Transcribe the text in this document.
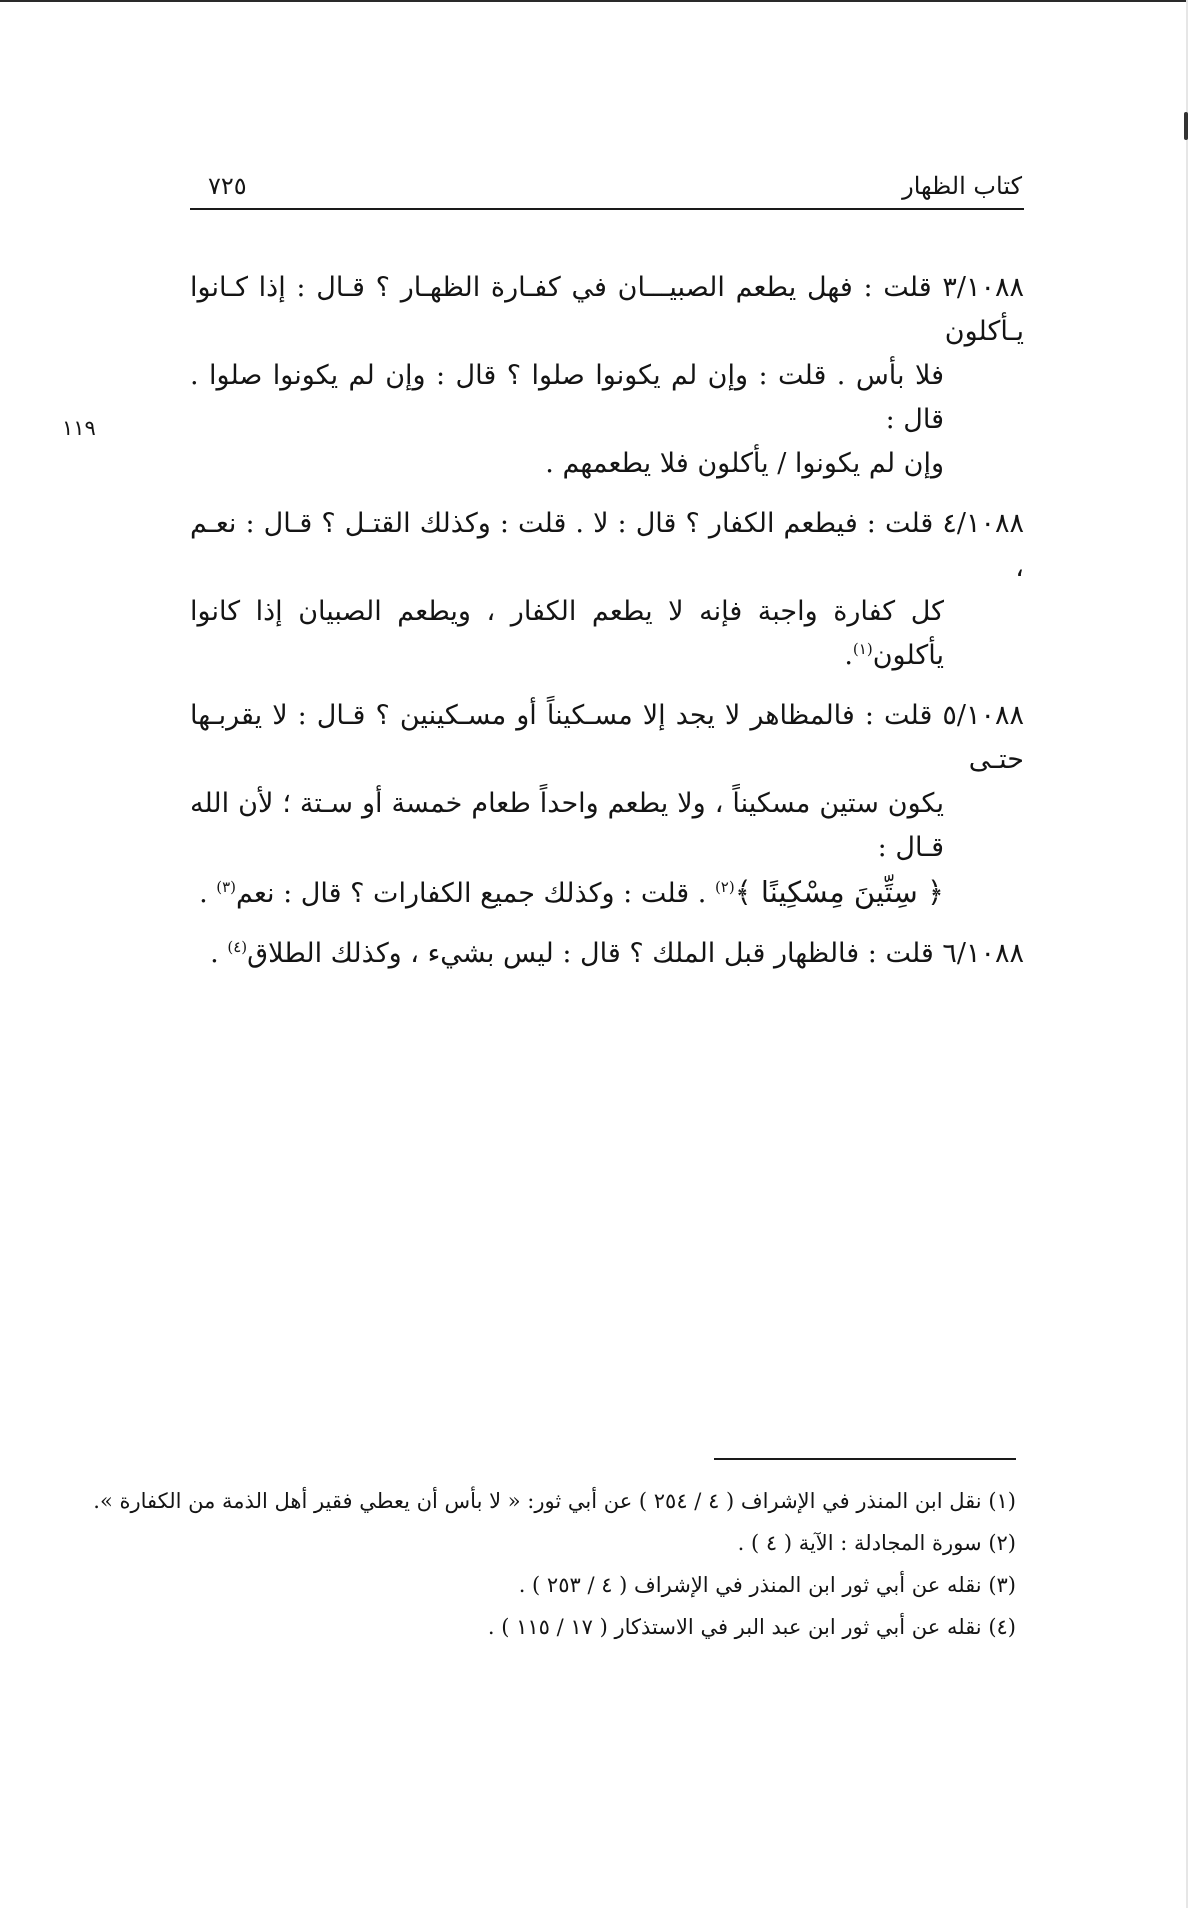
كتاب الظهار
٧٢٥
١١٩
٣/١٠٨٨ قلت : فهل يطعم الصبيـــان في كفـارة الظهـار ؟ قـال : إذا كـانوا يـأكلون
فلا بأس . قلت : وإن لم يكونوا صلوا ؟ قال : وإن لم يكونوا صلوا . قال :
وإن لم يكونوا / يأكلون فلا يطعمهم .
٤/١٠٨٨ قلت : فيطعم الكفار ؟ قال : لا . قلت : وكذلك القتـل ؟ قـال : نعـم ،
كل كفارة واجبة فإنه لا يطعم الكفار ، ويطعم الصبيان إذا كانوا يأكلون$^{(١)}$.
٥/١٠٨٨ قلت : فالمظاهر لا يجد إلا مسـكيناً أو مسـكينين ؟ قـال : لا يقربـها حتـى
يكون ستين مسكيناً ، ولا يطعم واحداً طعام خمسة أو سـتة ؛ لأن الله قـال :
﴿ سِتِّينَ مِسْكِينًا ﴾$^{(٢)}$ . قلت : وكذلك جميع الكفارات ؟ قال : نعم$^{(٣)}$ .
٦/١٠٨٨ قلت : فالظهار قبل الملك ؟ قال : ليس بشيء ، وكذلك الطلاق$^{(٤)}$ .
(١) نقل ابن المنذر في الإشراف ( ٤ / ٢٥٤ ) عن أبي ثور: « لا بأس أن يعطي فقير أهل الذمة من الكفارة ».
(٢) سورة المجادلة : الآية ( ٤ ) .
(٣) نقله عن أبي ثور ابن المنذر في الإشراف ( ٤ / ٢٥٣ ) .
(٤) نقله عن أبي ثور ابن عبد البر في الاستذكار ( ١٧ / ١١٥ ) .
